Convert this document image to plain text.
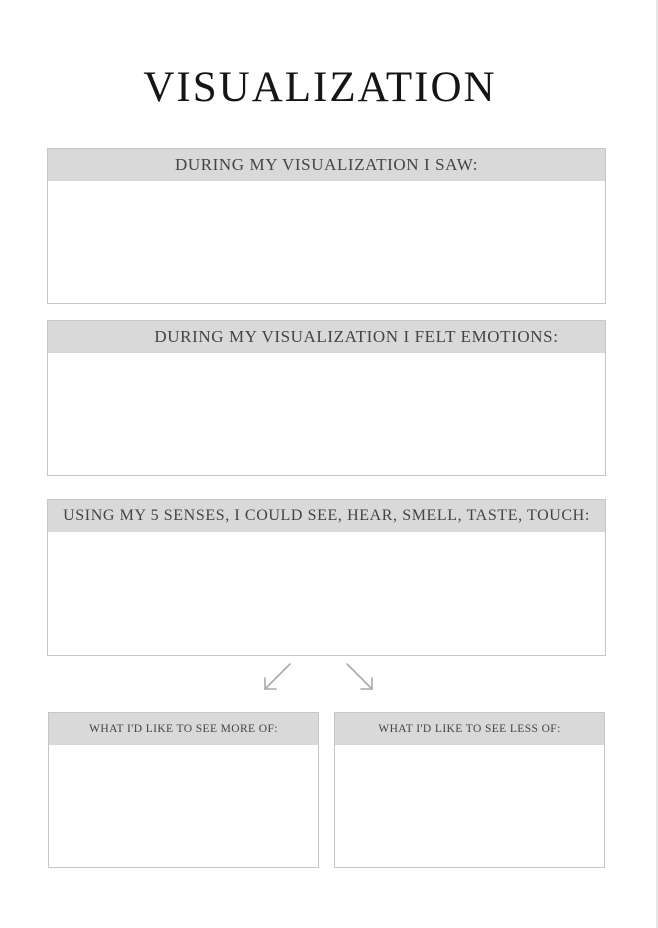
VISUALIZATION
DURING MY VISUALIZATION I SAW:
DURING MY VISUALIZATION I FELT EMOTIONS:
USING MY 5 SENSES, I COULD SEE, HEAR, SMELL, TASTE, TOUCH:
WHAT I'D LIKE TO SEE MORE OF:	WHAT I'D LIKE TO SEE LESS OF:
